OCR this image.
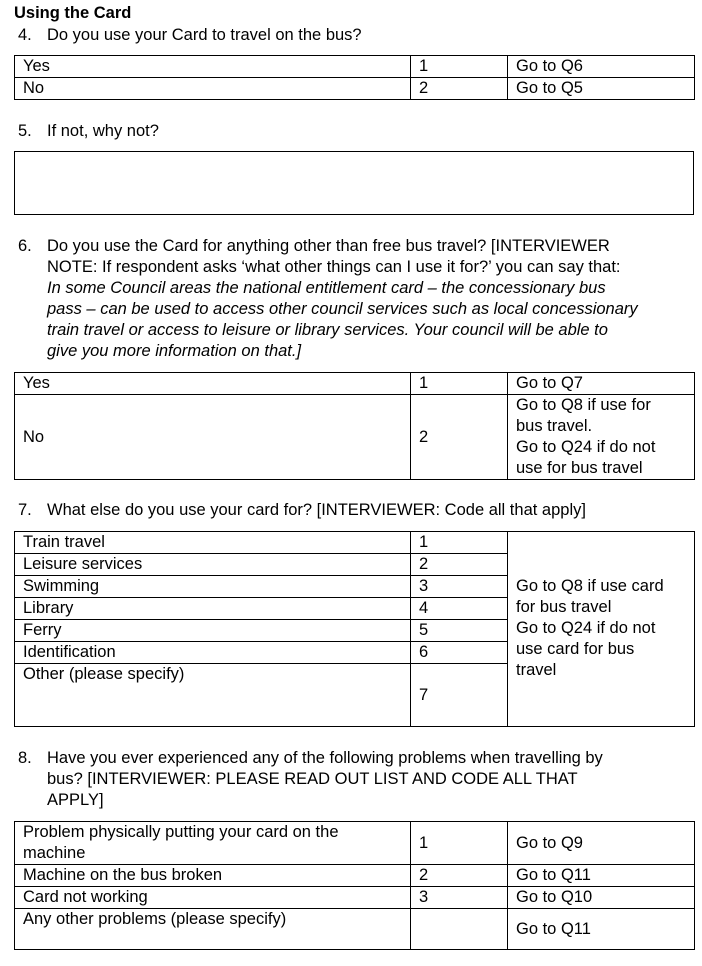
Using the Card
4. Do you use your Card to travel on the bus?
Yes	1	Go to Q6
No	2	Go to Q5
5. If not, why not?
6. Do you use the Card for anything other than free bus travel? [INTERVIEWER
NOTE: If respondent asks ‘what other things can I use it for?’ you can say that:
In some Council areas the national entitlement card – the concessionary bus
pass – can be used to access other council services such as local concessionary
train travel or access to leisure or library services. Your council will be able to
give you more information on that.]
Yes	1	Go to Q7
No	2	Go to Q8 if use for
bus travel.
Go to Q24 if do not
use for bus travel
7. What else do you use your card for? [INTERVIEWER: Code all that apply]
Train travel	1	Go to Q8 if use card
for bus travel
Go to Q24 if do not
use card for bus
travel

Leisure services	2	
Swimming	3	
Library	4	
Ferry	5	
Identification	6	
Other (please specify)	7	
8. Have you ever experienced any of the following problems when travelling by
bus? [INTERVIEWER: PLEASE READ OUT LIST AND CODE ALL THAT
APPLY]
Problem physically putting your card on the
machine	1	Go to Q9
Machine on the bus broken	2	Go to Q11
Card not working	3	Go to Q10
Any other problems (please specify)		Go to Q11
